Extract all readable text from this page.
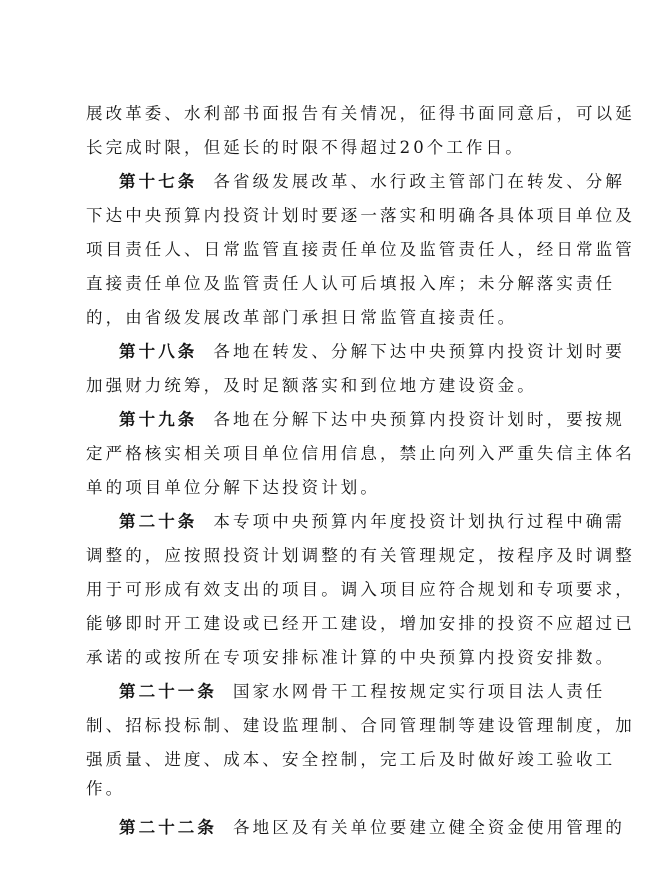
展改革委、水利部书面报告有关情况，征得书面同意后，可以延
长完成时限，但延长的时限不得超过20个工作日。
第十七条 各省级发展改革、水行政主管部门在转发、分解
下达中央预算内投资计划时要逐一落实和明确各具体项目单位及
项目责任人、日常监管直接责任单位及监管责任人，经日常监管
直接责任单位及监管责任人认可后填报入库；未分解落实责任
的，由省级发展改革部门承担日常监管直接责任。
第十八条 各地在转发、分解下达中央预算内投资计划时要
加强财力统筹，及时足额落实和到位地方建设资金。
第十九条 各地在分解下达中央预算内投资计划时，要按规
定严格核实相关项目单位信用信息，禁止向列入严重失信主体名
单的项目单位分解下达投资计划。
第二十条 本专项中央预算内年度投资计划执行过程中确需
调整的，应按照投资计划调整的有关管理规定，按程序及时调整
用于可形成有效支出的项目。调入项目应符合规划和专项要求，
能够即时开工建设或已经开工建设，增加安排的投资不应超过已
承诺的或按所在专项安排标准计算的中央预算内投资安排数。
第二十一条 国家水网骨干工程按规定实行项目法人责任
制、招标投标制、建设监理制、合同管理制等建设管理制度，加
强质量、进度、成本、安全控制，完工后及时做好竣工验收工
作。
第二十二条 各地区及有关单位要建立健全资金使用管理的
